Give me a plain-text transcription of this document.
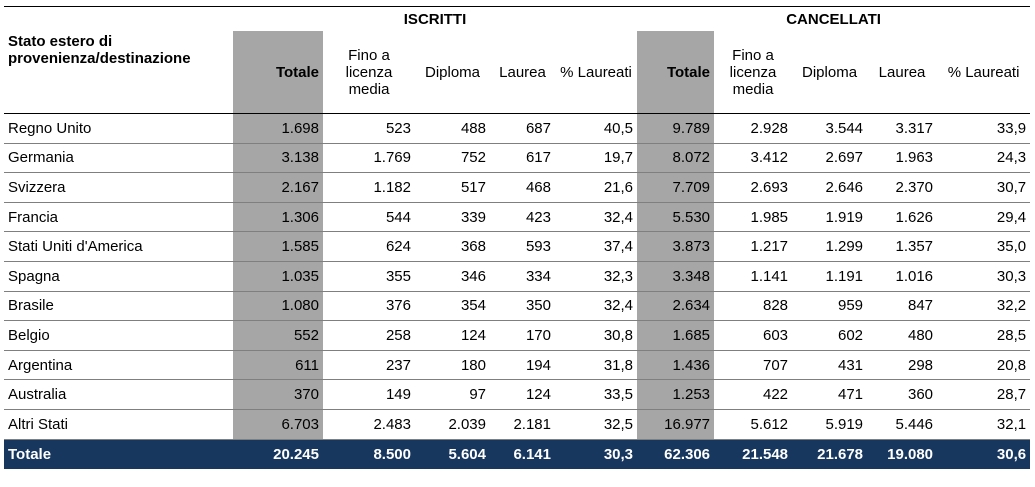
	ISCRITTI					CANCELLATI				
Stato estero di provenienza/destinazione	Totale	Fino a licenza media	Diploma	Laurea	% Laureati	Totale	Fino a licenza media	Diploma	Laurea	% Laureati
Regno Unito	1.698	523	488	687	40,5	9.789	2.928	3.544	3.317	33,9
Germania	3.138	1.769	752	617	19,7	8.072	3.412	2.697	1.963	24,3
Svizzera	2.167	1.182	517	468	21,6	7.709	2.693	2.646	2.370	30,7
Francia	1.306	544	339	423	32,4	5.530	1.985	1.919	1.626	29,4
Stati Uniti d'America	1.585	624	368	593	37,4	3.873	1.217	1.299	1.357	35,0
Spagna	1.035	355	346	334	32,3	3.348	1.141	1.191	1.016	30,3
Brasile	1.080	376	354	350	32,4	2.634	828	959	847	32,2
Belgio	552	258	124	170	30,8	1.685	603	602	480	28,5
Argentina	611	237	180	194	31,8	1.436	707	431	298	20,8
Australia	370	149	97	124	33,5	1.253	422	471	360	28,7
Altri Stati	6.703	2.483	2.039	2.181	32,5	16.977	5.612	5.919	5.446	32,1
Totale	20.245	8.500	5.604	6.141	30,3	62.306	21.548	21.678	19.080	30,6
